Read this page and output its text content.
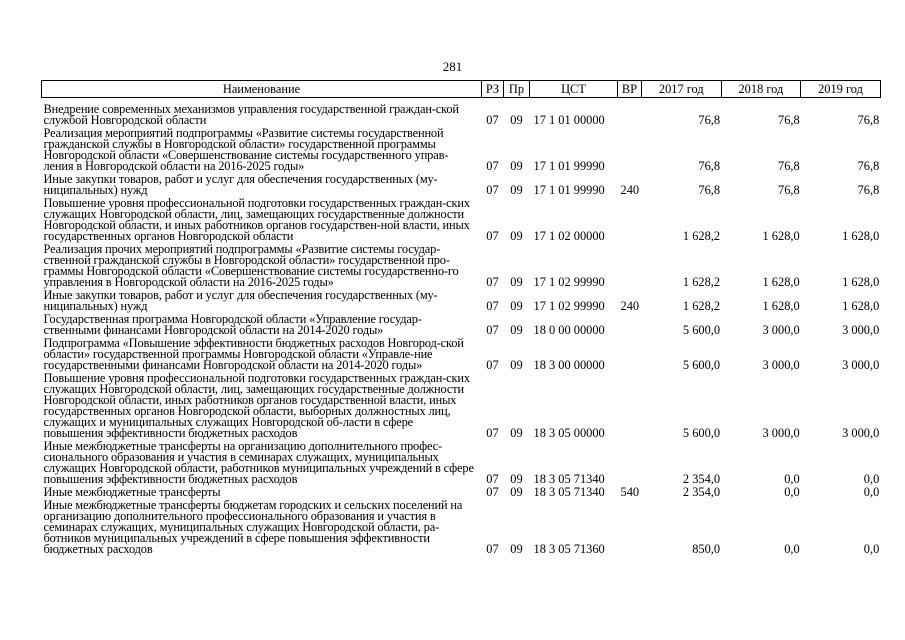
281
Наименование	РЗ	Пр	ЦСТ	ВР	2017 год	2018 год	2019 год
Внедрение современных механизмов управления государственной граждан-ской службой Новгородской области	07	09	17 1 01 00000		76,8	76,8	76,8
Реализация мероприятий подпрограммы «Развитие системы государственной гражданской службы в Новгородской области» государственной программы Новгородской области «Совершенствование системы государственного управ-ления в Новгородской области на 2016-2025 годы»	07	09	17 1 01 99990		76,8	76,8	76,8
Иные закупки товаров, работ и услуг для обеспечения государственных (му-ниципальных) нужд	07	09	17 1 01 99990	240	76,8	76,8	76,8
Повышение уровня профессиональной подготовки государственных граждан-ских служащих Новгородской области, лиц, замещающих государственные должности Новгородской области, и иных работников органов государствен-ной власти, иных государственных органов Новгородской области	07	09	17 1 02 00000		1 628,2	1 628,0	1 628,0
Реализация прочих мероприятий подпрограммы «Развитие системы государ-ственной гражданской службы в Новгородской области» государственной про-граммы Новгородской области «Совершенствование системы государственно-го управления в Новгородской области на 2016-2025 годы»	07	09	17 1 02 99990		1 628,2	1 628,0	1 628,0
Иные закупки товаров, работ и услуг для обеспечения государственных (му-ниципальных) нужд	07	09	17 1 02 99990	240	1 628,2	1 628,0	1 628,0
Государственная программа Новгородской области «Управление государ-ственными финансами Новгородской области на 2014-2020 годы»	07	09	18 0 00 00000		5 600,0	3 000,0	3 000,0
Подпрограмма «Повышение эффективности бюджетных расходов Новгород-ской области» государственной программы Новгородской области «Управле-ние государственными финансами Новгородской области на 2014-2020 годы»	07	09	18 3 00 00000		5 600,0	3 000,0	3 000,0
Повышение уровня профессиональной подготовки государственных граждан-ских служащих Новгородской области, лиц, замещающих государственные должности Новгородской области, иных работников органов государственной власти, иных государственных органов Новгородской области, выборных должностных лиц, служащих и муниципальных служащих Новгородской об-ласти в сфере повышения эффективности бюджетных расходов	07	09	18 3 05 00000		5 600,0	3 000,0	3 000,0
Иные межбюджетные трансферты на организацию дополнительного профес-сионального образования и участия в семинарах служащих, муниципальных служащих Новгородской области, работников муниципальных учреждений в сфере повышения эффективности бюджетных расходов	07	09	18 3 05 71340		2 354,0	0,0	0,0
Иные межбюджетные трансферты	07	09	18 3 05 71340	540	2 354,0	0,0	0,0
Иные межбюджетные трансферты бюджетам городских и сельских поселений на организацию дополнительного профессионального образования и участия в семинарах служащих, муниципальных служащих Новгородской области, ра-ботников муниципальных учреждений в сфере повышения эффективности бюджетных расходов	07	09	18 3 05 71360		850,0	0,0	0,0
